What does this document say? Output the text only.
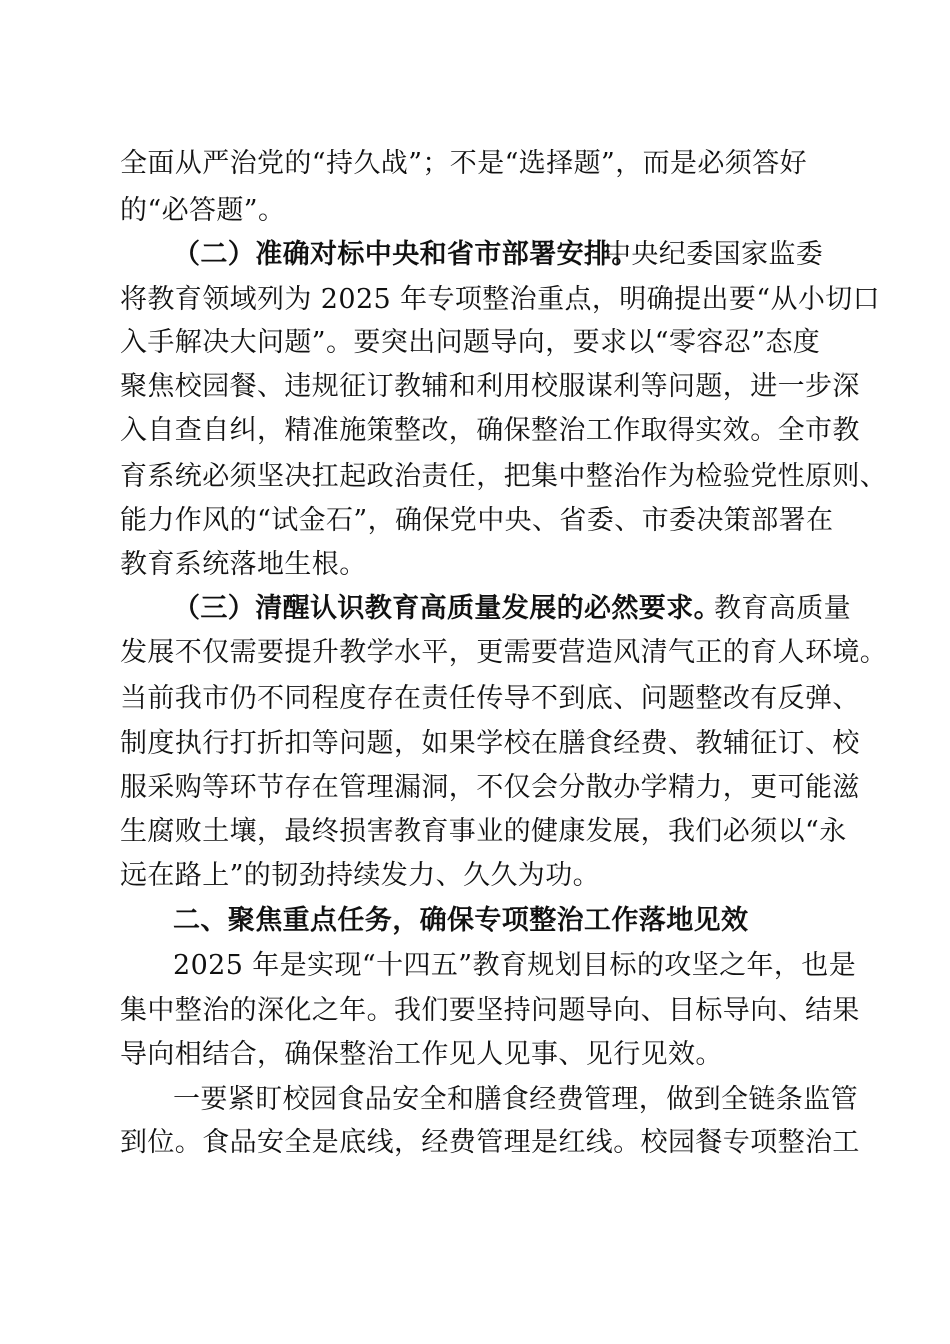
全面从严治党的“持久战”；不是“选择题”，而是必须答好
的“必答题”。
（二）准确对标中央和省市部署安排。
中央纪委国家监委
将教育领域列为 2025 年专项整治重点，明确提出要“从小切口
入手解决大问题”。要突出问题导向，要求以“零容忍”态度
聚焦校园餐、违规征订教辅和利用校服谋利等问题，进一步深
入自查自纠，精准施策整改，确保整治工作取得实效。全市教
育系统必须坚决扛起政治责任，把集中整治作为检验党性原则、
能力作风的“试金石”，确保党中央、省委、市委决策部署在
教育系统落地生根。
（三）清醒认识教育高质量发展的必然要求。
教育高质量
发展不仅需要提升教学水平，更需要营造风清气正的育人环境。
当前我市仍不同程度存在责任传导不到底、问题整改有反弹、
制度执行打折扣等问题，如果学校在膳食经费、教辅征订、校
服采购等环节存在管理漏洞，不仅会分散办学精力，更可能滋
生腐败土壤，最终损害教育事业的健康发展，我们必须以“永
远在路上”的韧劲持续发力、久久为功。
二、聚焦重点任务，确保专项整治工作落地见效
2025 年是实现“十四五”教育规划目标的攻坚之年，也是
集中整治的深化之年。我们要坚持问题导向、目标导向、结果
导向相结合，确保整治工作见人见事、见行见效。
一要紧盯校园食品安全和膳食经费管理，做到全链条监管
到位。食品安全是底线，经费管理是红线。校园餐专项整治工
